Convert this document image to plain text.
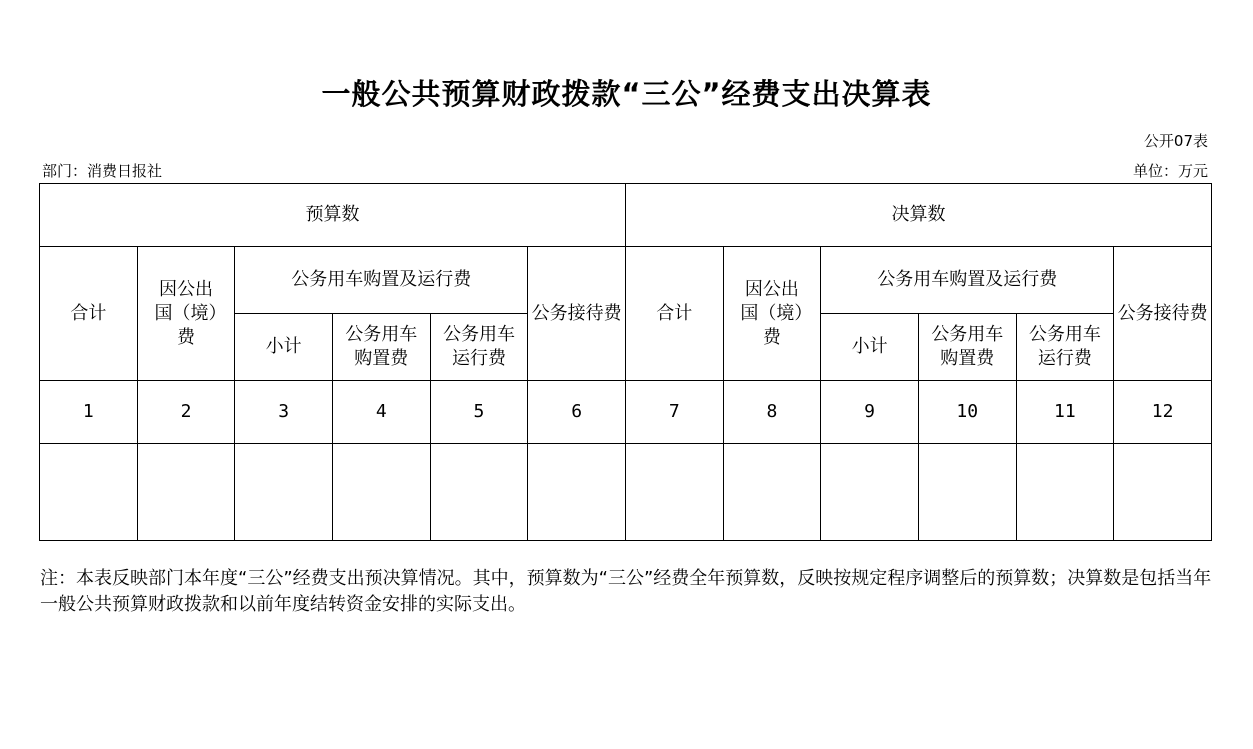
一般公共预算财政拨款“三公”经费支出决算表
公开07表
部门：消费日报社	单位：万元
预算数						决算数					
合计	因公出国（境）费	公务用车购置及运行费			公务接待费	合计	因公出国（境）费	公务用车购置及运行费			公务接待费
		小计	公务用车购置费	公务用车运行费				小计	公务用车购置费	公务用车运行费	

1	2	3	4	5	6	7	8	9	10	11	12

注：本表反映部门本年度“三公”经费支出预决算情况。其中，预算数为“三公”经费全年预算数，反映按规定程序调整后的预算数；决算数是包括当年一般公共预算财政拨款和以前年度结转资金安排的实际支出。
